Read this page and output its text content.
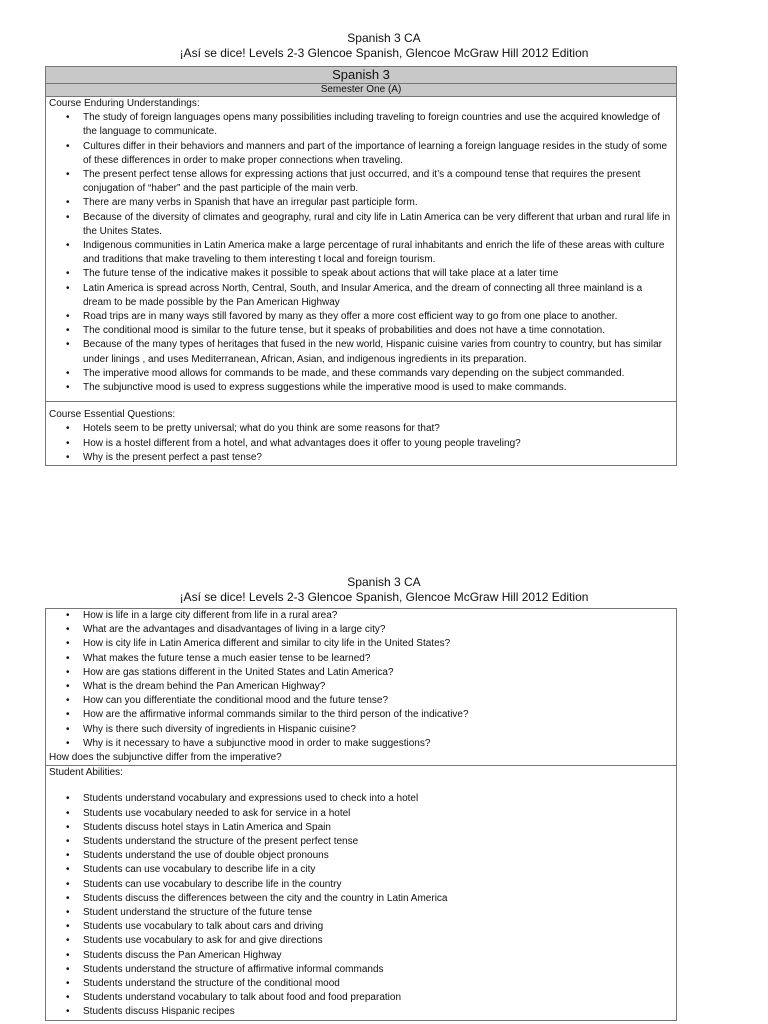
Spanish 3 CA
¡Así se dice! Levels 2-3 Glencoe Spanish, Glencoe McGraw Hill 2012 Edition
Spanish 3
Semester One (A)
Course Enduring Understandings:
• The study of foreign languages opens many possibilities including traveling to foreign countries and use the acquired knowledge of the language to communicate.
• Cultures differ in their behaviors and manners and part of the importance of learning a foreign language resides in the study of some of these differences in order to make proper connections when traveling.
• The present perfect tense allows for expressing actions that just occurred, and it’s a compound tense that requires the present conjugation of “haber” and the past participle of the main verb.
• There are many verbs in Spanish that have an irregular past participle form.
• Because of the diversity of climates and geography, rural and city life in Latin America can be very different that urban and rural life in the Unites States.
• Indigenous communities in Latin America make a large percentage of rural inhabitants and enrich the life of these areas with culture and traditions that make traveling to them interesting t local and foreign tourism.
• The future tense of the indicative makes it possible to speak about actions that will take place at a later time
• Latin America is spread across North, Central, South, and Insular America, and the dream of connecting all three mainland is a dream to be made possible by the Pan American Highway
• Road trips are in many ways still favored by many as they offer a more cost efficient way to go from one place to another.
• The conditional mood is similar to the future tense, but it speaks of probabilities and does not have a time connotation.
• Because of the many types of heritages that fused in the new world, Hispanic cuisine varies from country to country, but has similar under linings , and uses Mediterranean, African, Asian, and indigenous ingredients in its preparation.
• The imperative mood allows for commands to be made, and these commands vary depending on the subject commanded.
• The subjunctive mood is used to express suggestions while the imperative mood is used to make commands.
Course Essential Questions:
• Hotels seem to be pretty universal; what do you think are some reasons for that?
• How is a hostel different from a hotel, and what advantages does it offer to young people traveling?
• Why is the present perfect a past tense?
Spanish 3 CA
¡Así se dice! Levels 2-3 Glencoe Spanish, Glencoe McGraw Hill 2012 Edition
• How is life in a large city different from life in a rural area?
• What are the advantages and disadvantages of living in a large city?
• How is city life in Latin America different and similar to city life in the United States?
• What makes the future tense a much easier tense to be learned?
• How are gas stations different in the United States and Latin America?
• What is the dream behind the Pan American Highway?
• How can you differentiate the conditional mood and the future tense?
• How are the affirmative informal commands similar to the third person of the indicative?
• Why is there such diversity of ingredients in Hispanic cuisine?
• Why is it necessary to have a subjunctive mood in order to make suggestions?
How does the subjunctive differ from the imperative?
Student Abilities:
• Students understand vocabulary and expressions used to check into a hotel
• Students use vocabulary needed to ask for service in a hotel
• Students discuss hotel stays in Latin America and Spain
• Students understand the structure of the present perfect tense
• Students understand the use of double object pronouns
• Students can use vocabulary to describe life in a city
• Students can use vocabulary to describe life in the country
• Students discuss the differences between the city and the country in Latin America
• Student understand the structure of the future tense
• Students use vocabulary to talk about cars and driving
• Students use vocabulary to ask for and give directions
• Students discuss the Pan American Highway
• Students understand the structure of affirmative informal commands
• Students understand the structure of the conditional mood
• Students understand vocabulary to talk about food and food preparation
• Students discuss Hispanic recipes
